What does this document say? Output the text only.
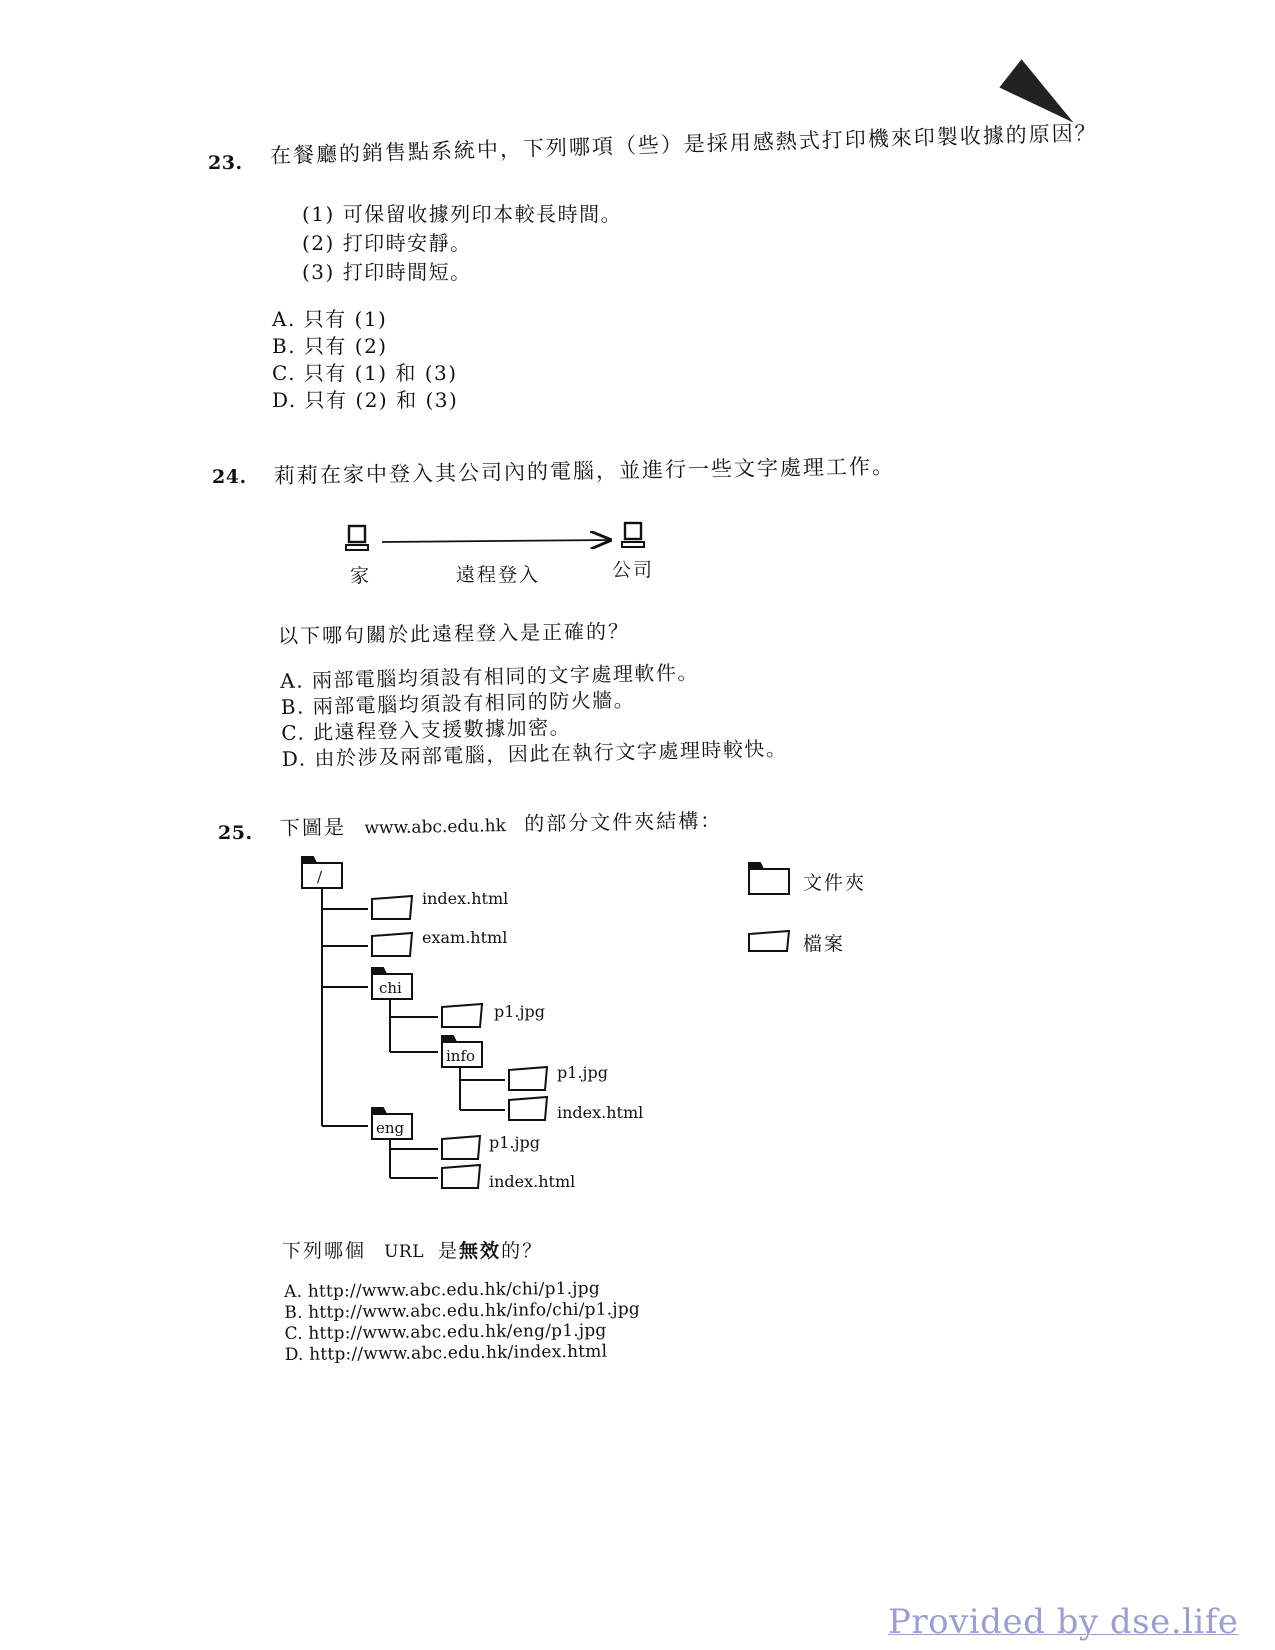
23. 在餐廳的銷售點系統中，下列哪項（些）是採用感熱式打印機來印製收據的原因？
(1) 可保留收據列印本較長時間。
(2) 打印時安靜。
(3) 打印時間短。
A. 只有 (1)
B. 只有 (2)
C. 只有 (1) 和 (3)
D. 只有 (2) 和 (3)
24. 莉莉在家中登入其公司內的電腦，並進行一些文字處理工作。
家	遠程登入	公司
以下哪句關於此遠程登入是正確的？
A. 兩部電腦均須設有相同的文字處理軟件。
B. 兩部電腦均須設有相同的防火牆。
C. 此遠程登入支援數據加密。
D. 由於涉及兩部電腦，因此在執行文字處理時較快。
25. 下圖是 www.abc.edu.hk 的部分文件夾結構：
/
chi
info
eng
index.html
exam.html
p1.jpg
p1.jpg
index.html
p1.jpg
index.html
文件夾
檔案
下列哪個 URL 是無效的？
A. http://www.abc.edu.hk/chi/p1.jpg
B. http://www.abc.edu.hk/info/chi/p1.jpg
C. http://www.abc.edu.hk/eng/p1.jpg
D. http://www.abc.edu.hk/index.html
Provided by dse.life
